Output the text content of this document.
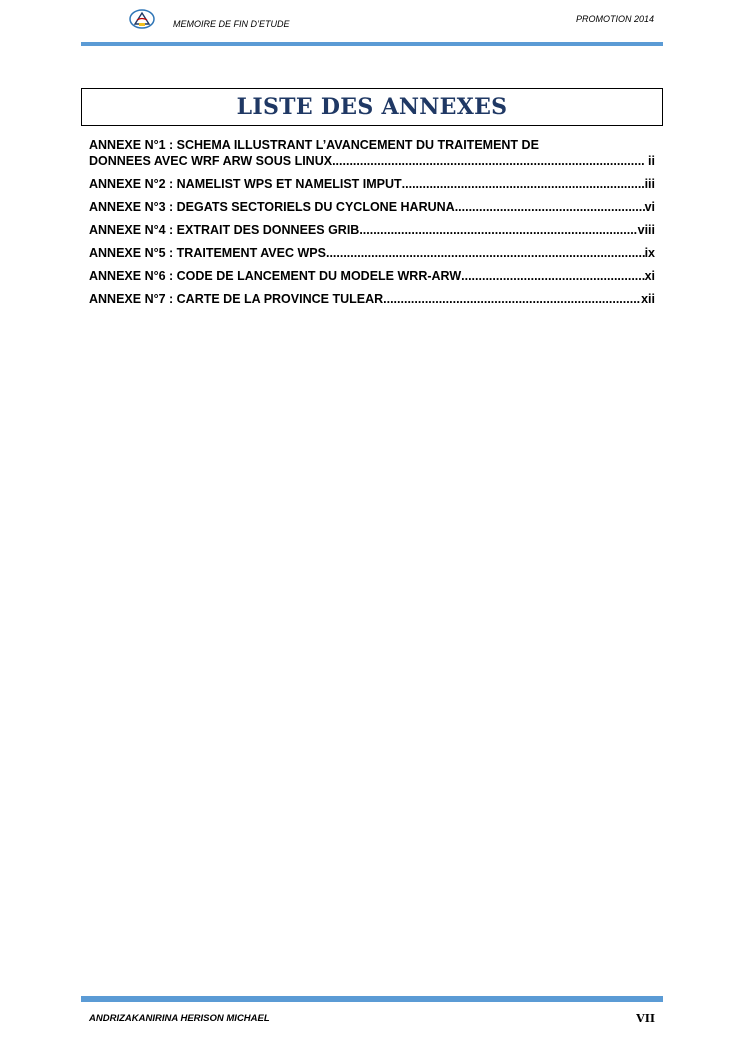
MEMOIRE DE FIN D’ETUDE	PROMOTION 2014
LISTE DES ANNEXES
ANNEXE N°1 : SCHEMA ILLUSTRANT L’AVANCEMENT DU TRAITEMENT DE
DONNEES AVEC WRF ARW SOUS LINUX .....	ii
ANNEXE N°2 : NAMELIST WPS ET NAMELIST IMPUT .....	iii
ANNEXE N°3 : DEGATS SECTORIELS DU CYCLONE HARUNA .....	vi
ANNEXE N°4 : EXTRAIT DES DONNEES GRIB .....	viii
ANNEXE N°5 : TRAITEMENT AVEC WPS .....	ix
ANNEXE N°6 : CODE DE LANCEMENT DU MODELE WRR-ARW .....	xi
ANNEXE N°7 : CARTE DE LA PROVINCE TULEAR .....	xii
ANDRIZAKANIRINA HERISON MICHAEL	VII
